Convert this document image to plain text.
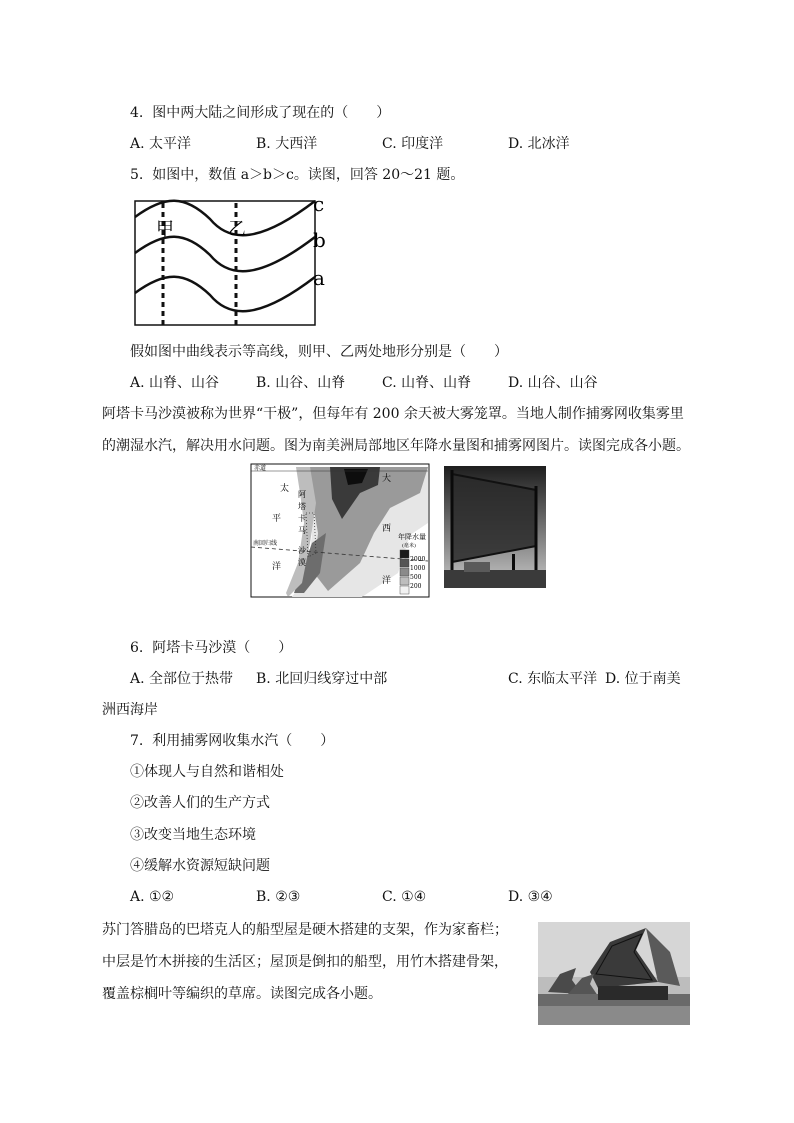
4.  图中两大陆之间形成了现在的（　　）
A. 太平洋	B. 大西洋	C. 印度洋	D. 北冰洋
5.  如图中，数值 a＞b＞c。读图，回答 20～21 题。
甲	乙
c
b
a
假如图中曲线表示等高线，则甲、乙两处地形分别是（　　）
A. 山脊、山谷	B. 山谷、山脊	C. 山脊、山脊	D. 山谷、山谷
阿塔卡马沙漠被称为世界“干极”，但每年有 200 余天被大雾笼罩。当地人制作捕雾网收集雾里
的潮湿水汽，解决用水问题。图为南美洲局部地区年降水量图和捕雾网图片。读图完成各小题。
赤道
南回归线
太
平
洋
大
西
洋
阿
塔
卡
马
沙
漠
年降水量
(毫米)
2000
1000
500
200
6.  阿塔卡马沙漠（　　）
A. 全部位于热带 B. 北回归线穿过中部	C. 东临太平洋 D. 位于南美
洲西海岸
7.  利用捕雾网收集水汽（　　）
①体现人与自然和谐相处
②改善人们的生产方式
③改变当地生态环境
④缓解水资源短缺问题
A. ①②	B. ②③	C. ①④	D. ③④
苏门答腊岛的巴塔克人的船型屋是硬木搭建的支架，作为家畜栏；
中层是竹木拼接的生活区；屋顶是倒扣的船型，用竹木搭建骨架，
覆盖棕榈叶等编织的草席。读图完成各小题。
